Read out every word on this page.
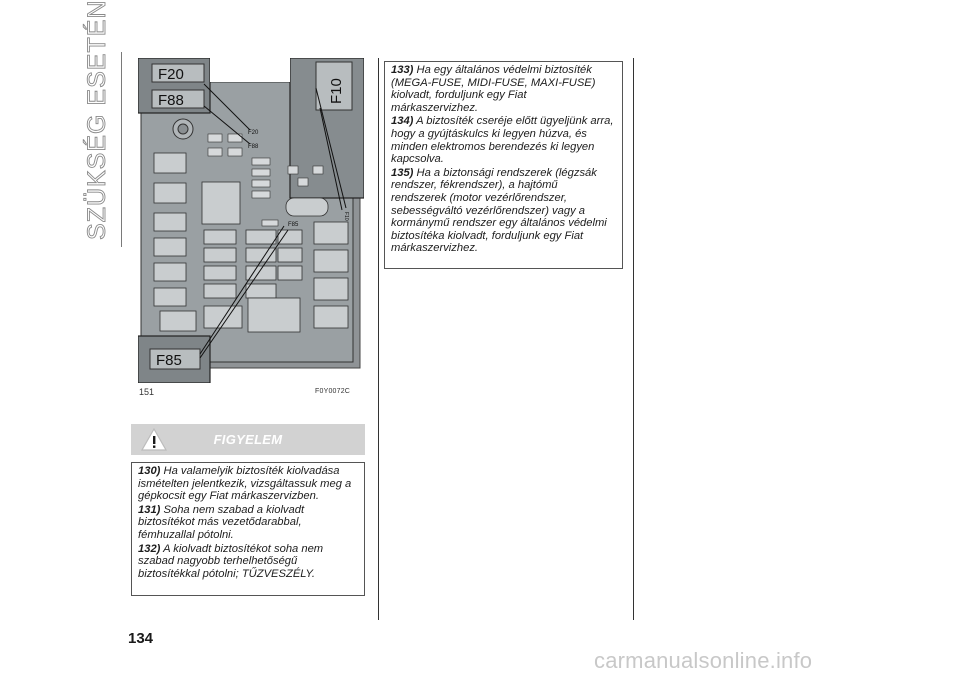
SZÜKSÉG ESETÉN	F20
F88
F85
F10
F20
F88	F10
F85
151	F0Y0072C
FIGYELEM

130) Ha valamelyik biztosíték kiolvadása ismételten jelentkezik, vizsgáltassuk meg a gépkocsit egy Fiat márkaszervizben.

131) Soha nem szabad a kiolvadt biztosítékot más vezetődarabbal, fémhuzallal pótolni.

132) A kiolvadt biztosítékot soha nem szabad nagyobb terhelhetőségű biztosítékkal pótolni; TŰZVESZÉLY.

133) Ha egy általános védelmi biztosíték (MEGA-FUSE, MIDI-FUSE, MAXI-FUSE) kiolvadt, forduljunk egy Fiat márkaszervizhez.

134) A biztosíték cseréje előtt ügyeljünk arra, hogy a gyújtáskulcs ki legyen húzva, és minden elektromos berendezés ki legyen kapcsolva.

135) Ha a biztonsági rendszerek (légzsák rendszer, fékrendszer), a hajtómű rendszerek (motor vezérlőrendszer, sebességváltó vezérlőrendszer) vagy a kormánymű rendszer egy általános védelmi biztosítéka kiolvadt, forduljunk egy Fiat márkaszervizhez.

134
carmanualsonline.info
